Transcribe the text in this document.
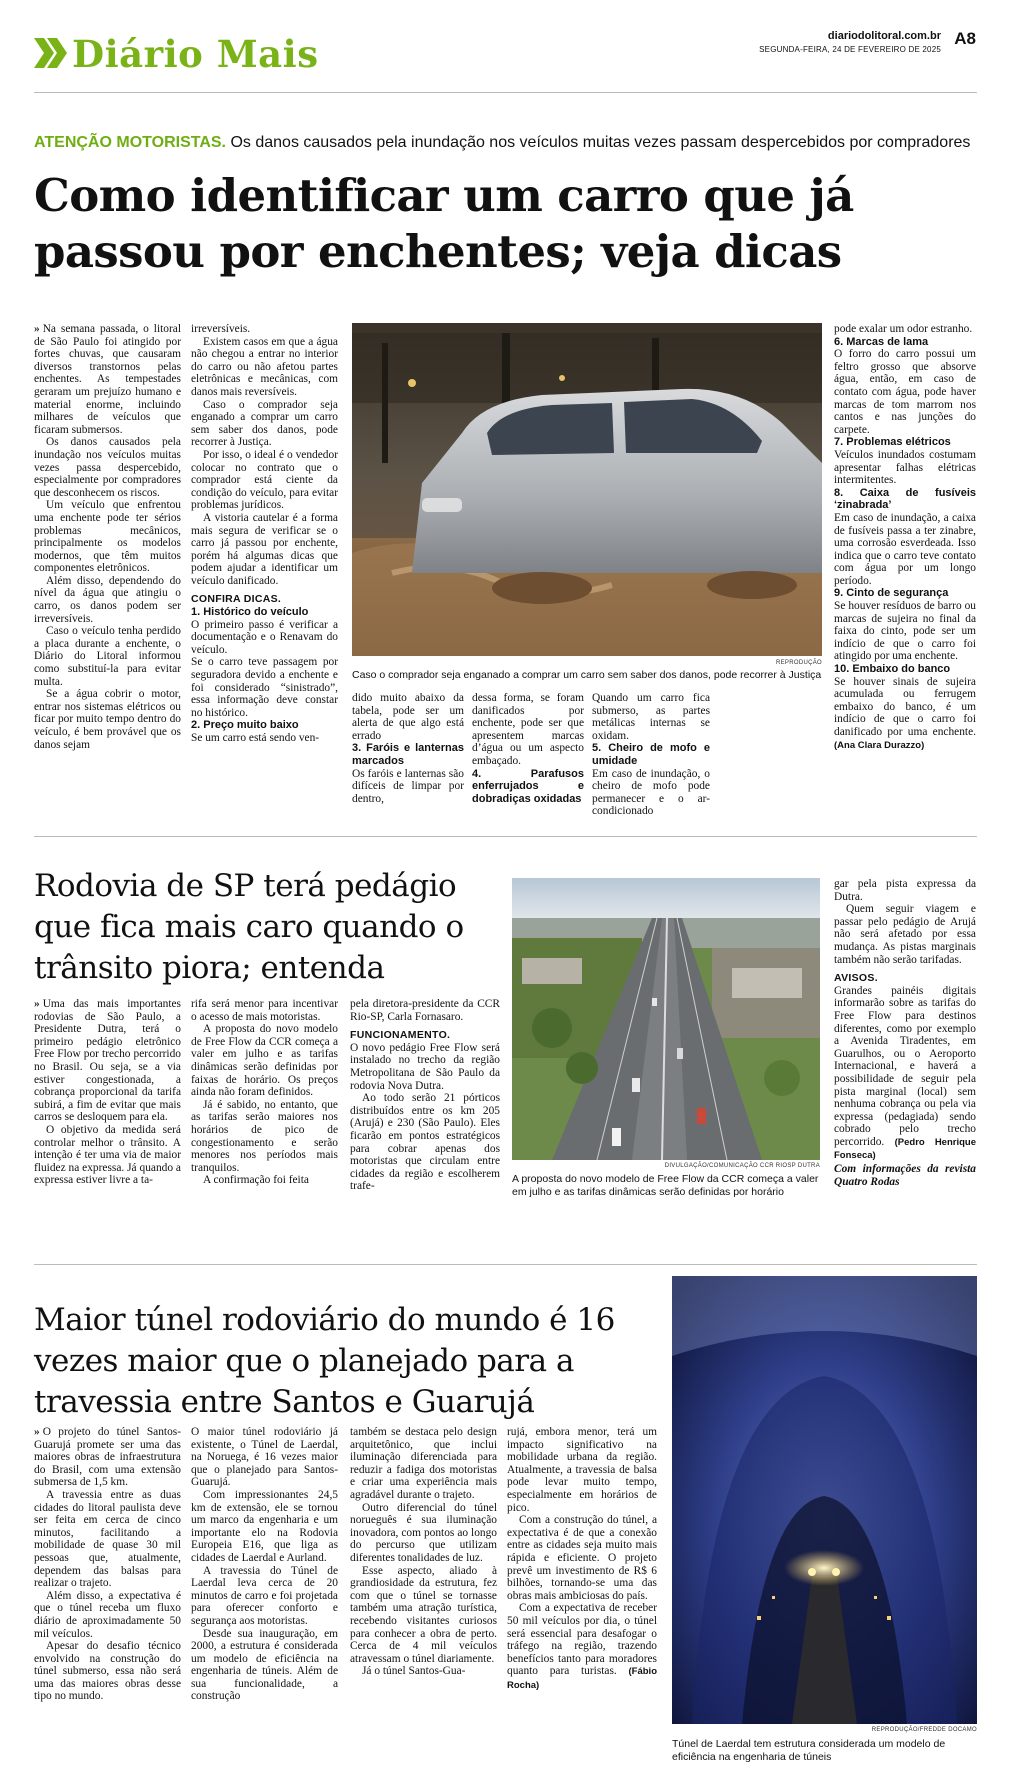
Diário Mais	diariodolitoral.com.br
SEGUNDA-FEIRA, 24 DE FEVEREIRO DE 2025
A8
ATENÇÃO MOTORISTAS. Os danos causados pela inundação nos veículos muitas vezes passam despercebidos por compradores
Como identificar um carro que já passou por enchentes; veja dicas

» Na semana passada, o litoral de São Paulo foi atingido por fortes chuvas, que causaram diversos transtornos pelas enchentes. As tempestades geraram um prejuízo humano e material enorme, incluindo milhares de veículos que ficaram submersos.

Os danos causados pela inundação nos veículos muitas vezes passa despercebido, especialmente por compradores que desconhecem os riscos.

Um veículo que enfrentou uma enchente pode ter sérios problemas mecânicos, principalmente os modelos modernos, que têm muitos componentes eletrônicos.

Além disso, dependendo do nível da água que atingiu o carro, os danos podem ser irreversíveis.

Caso o veículo tenha perdido a placa durante a enchente, o Diário do Litoral informou como substituí-la para evitar multa.

Se a água cobrir o motor, entrar nos sistemas elétricos ou ficar por muito tempo dentro do veículo, é bem provável que os danos sejam

irreversíveis.

Existem casos em que a água não chegou a entrar no interior do carro ou não afetou partes eletrônicas e mecânicas, com danos mais reversíveis.

Caso o comprador seja enganado a comprar um carro sem saber dos danos, pode recorrer à Justiça.

Por isso, o ideal é o vendedor colocar no contrato que o comprador está ciente da condição do veículo, para evitar problemas jurídicos.

A vistoria cautelar é a forma mais segura de verificar se o carro já passou por enchente, porém há algumas dicas que podem ajudar a identificar um veículo danificado.

CONFIRA DICAS.

1. Histórico do veículo

O primeiro passo é verificar a documentação e o Renavam do veículo.

Se o carro teve passagem por seguradora devido a enchente e foi considerado “sinistrado”, essa informação deve constar no histórico.

2. Preço muito baixo

Se um carro está sendo ven-

REPRODUÇÃO
Caso o comprador seja enganado a comprar um carro sem saber dos danos, pode recorrer à Justiça

dido muito abaixo da tabela, pode ser um alerta de que algo está errado

3. Faróis e lanternas marcados

Os faróis e lanternas são difíceis de limpar por dentro,

dessa forma, se foram danificados por enchente, pode ser que apresentem marcas d’água ou um aspecto embaçado.

4. Parafusos enferrujados e dobradiças oxidadas

Quando um carro fica submerso, as partes metálicas internas se oxidam.

5. Cheiro de mofo e umidade

Em caso de inundação, o cheiro de mofo pode permanecer e o ar-condicionado

pode exalar um odor estranho.

6. Marcas de lama

O forro do carro possui um feltro grosso que absorve água, então, em caso de contato com água, pode haver marcas de tom marrom nos cantos e nas junções do carpete.

7. Problemas elétricos

Veículos inundados costumam apresentar falhas elétricas intermitentes.

8. Caixa de fusíveis ‘zinabrada’

Em caso de inundação, a caixa de fusíveis passa a ter zinabre, uma corrosão esverdeada. Isso indica que o carro teve contato com água por um longo período.

9. Cinto de segurança

Se houver resíduos de barro ou marcas de sujeira no final da faixa do cinto, pode ser um indício de que o carro foi atingido por uma enchente.

10. Embaixo do banco

Se houver sinais de sujeira acumulada ou ferrugem embaixo do banco, é um indício de que o carro foi danificado por uma enchente. (Ana Clara Durazzo)

Rodovia de SP terá pedágio que fica mais caro quando o trânsito piora; entenda

» Uma das mais importantes rodovias de São Paulo, a Presidente Dutra, terá o primeiro pedágio eletrônico Free Flow por trecho percorrido no Brasil. Ou seja, se a via estiver congestionada, a cobrança proporcional da tarifa subirá, a fim de evitar que mais carros se desloquem para ela.

O objetivo da medida será controlar melhor o trânsito. A intenção é ter uma via de maior fluidez na expressa. Já quando a expressa estiver livre a ta-

rifa será menor para incentivar o acesso de mais motoristas.

A proposta do novo modelo de Free Flow da CCR começa a valer em julho e as tarifas dinâmicas serão definidas por faixas de horário. Os preços ainda não foram definidos.

Já é sabido, no entanto, que as tarifas serão maiores nos horários de pico de congestionamento e serão menores nos períodos mais tranquilos.

A confirmação foi feita

pela diretora-presidente da CCR Rio-SP, Carla Fornasaro.

FUNCIONAMENTO.

O novo pedágio Free Flow será instalado no trecho da região Metropolitana de São Paulo da rodovia Nova Dutra.

Ao todo serão 21 pórticos distribuídos entre os km 205 (Arujá) e 230 (São Paulo). Eles ficarão em pontos estratégicos para cobrar apenas dos motoristas que circulam entre cidades da região e escolherem trafe-

DIVULGAÇÃO/COMUNICAÇÃO CCR RIOSP DUTRA
A proposta do novo modelo de Free Flow da CCR começa a valer em julho e as tarifas dinâmicas serão definidas por horário

gar pela pista expressa da Dutra.

Quem seguir viagem e passar pelo pedágio de Arujá não será afetado por essa mudança. As pistas marginais também não serão tarifadas.

AVISOS.

Grandes painéis digitais informarão sobre as tarifas do Free Flow para destinos diferentes, como por exemplo a Avenida Tiradentes, em Guarulhos, ou o Aeroporto Internacional, e haverá a possibilidade de seguir pela pista marginal (local) sem nenhuma cobrança ou pela via expressa (pedagiada) sendo cobrado pelo trecho percorrido. (Pedro Henrique Fonseca)

Com informações da revista Quatro Rodas

Maior túnel rodoviário do mundo é 16 vezes maior que o planejado para a travessia entre Santos e Guarujá

» O projeto do túnel Santos-Guarujá promete ser uma das maiores obras de infraestrutura do Brasil, com uma extensão submersa de 1,5 km.

A travessia entre as duas cidades do litoral paulista deve ser feita em cerca de cinco minutos, facilitando a mobilidade de quase 30 mil pessoas que, atualmente, dependem das balsas para realizar o trajeto.

Além disso, a expectativa é que o túnel receba um fluxo diário de aproximadamente 50 mil veículos.

Apesar do desafio técnico envolvido na construção do túnel submerso, essa não será uma das maiores obras desse tipo no mundo.

O maior túnel rodoviário já existente, o Túnel de Laerdal, na Noruega, é 16 vezes maior que o planejado para Santos-Guarujá.

Com impressionantes 24,5 km de extensão, ele se tornou um marco da engenharia e um importante elo na Rodovia Europeia E16, que liga as cidades de Laerdal e Aurland.

A travessia do Túnel de Laerdal leva cerca de 20 minutos de carro e foi projetada para oferecer conforto e segurança aos motoristas.

Desde sua inauguração, em 2000, a estrutura é considerada um modelo de eficiência na engenharia de túneis. Além de sua funcionalidade, a construção

também se destaca pelo design arquitetônico, que inclui iluminação diferenciada para reduzir a fadiga dos motoristas e criar uma experiência mais agradável durante o trajeto.

Outro diferencial do túnel norueguês é sua iluminação inovadora, com pontos ao longo do percurso que utilizam diferentes tonalidades de luz.

Esse aspecto, aliado à grandiosidade da estrutura, fez com que o túnel se tornasse também uma atração turística, recebendo visitantes curiosos para conhecer a obra de perto. Cerca de 4 mil veículos atravessam o túnel diariamente.

Já o túnel Santos-Gua-

rujá, embora menor, terá um impacto significativo na mobilidade urbana da região. Atualmente, a travessia de balsa pode levar muito tempo, especialmente em horários de pico.

Com a construção do túnel, a expectativa é de que a conexão entre as cidades seja muito mais rápida e eficiente. O projeto prevê um investimento de R$ 6 bilhões, tornando-se uma das obras mais ambiciosas do país.

Com a expectativa de receber 50 mil veículos por dia, o túnel será essencial para desafogar o tráfego na região, trazendo benefícios tanto para moradores quanto para turistas. (Fábio Rocha)

REPRODUÇÃO/FREDDE DOCAMO
Túnel de Laerdal tem estrutura considerada um modelo de eficiência na engenharia de túneis
